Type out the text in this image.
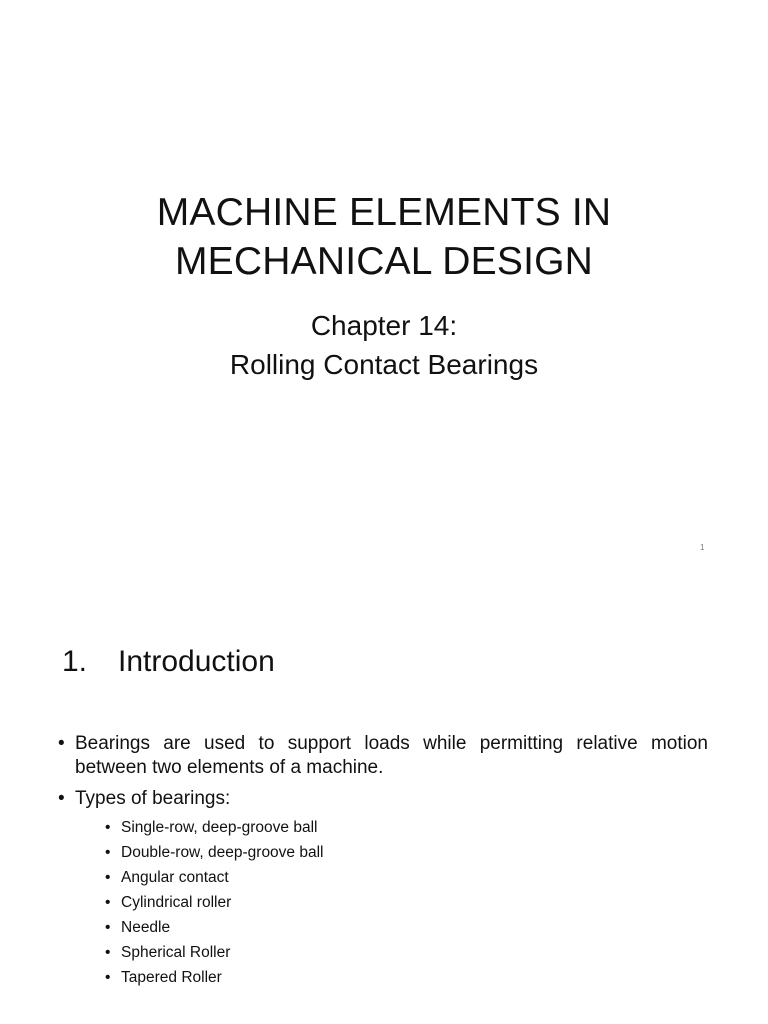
MACHINE ELEMENTS IN
MECHANICAL DESIGN
Chapter 14:
Rolling Contact Bearings
1
1.	Introduction
• Bearings are used to support loads while permitting relative motion between two elements of a machine.
• Types of bearings:
• Single-row, deep-groove ball
• Double-row, deep-groove ball
• Angular contact
• Cylindrical roller
• Needle
• Spherical Roller
• Tapered Roller
